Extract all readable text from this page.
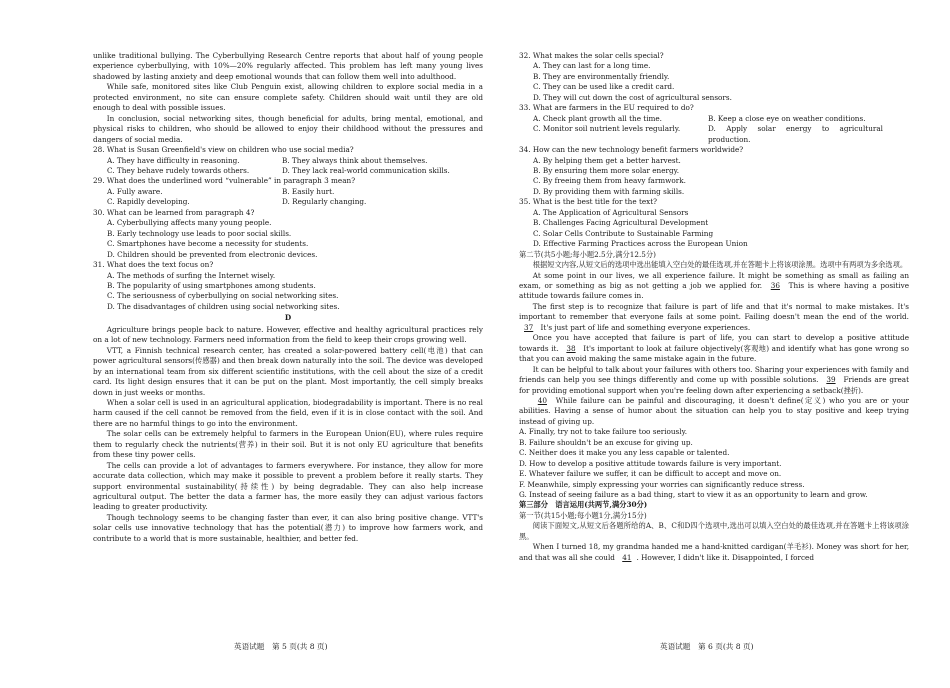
unlike traditional bullying. The Cyberbullying Research Centre reports that about half of young people experience cyberbullying, with 10%—20% regularly affected. This problem has left many young lives shadowed by lasting anxiety and deep emotional wounds that can follow them well into adulthood.

While safe, monitored sites like Club Penguin exist, allowing children to explore social media in a protected environment, no site can ensure complete safety. Children should wait until they are old enough to deal with possible issues.

In conclusion, social networking sites, though beneficial for adults, bring mental, emotional, and physical risks to children, who should be allowed to enjoy their childhood without the pressures and dangers of social media.

28. What is Susan Greenfield's view on children who use social media?

A. They have difficulty in reasoning.	B. They always think about themselves.
C. They behave rudely towards others.	D. They lack real-world communication skills.

29. What does the underlined word “vulnerable” in paragraph 3 mean?

A. Fully aware.	B. Easily hurt.
C. Rapidly developing.	D. Regularly changing.

30. What can be learned from paragraph 4?

A. Cyberbullying affects many young people.

B. Early technology use leads to poor social skills.

C. Smartphones have become a necessity for students.

D. Children should be prevented from electronic devices.

31. What does the text focus on?

A. The methods of surfing the Internet wisely.

B. The popularity of using smartphones among students.

C. The seriousness of cyberbullying on social networking sites.

D. The disadvantages of children using social networking sites.

D

Agriculture brings people back to nature. However, effective and healthy agricultural practices rely on a lot of new technology. Farmers need information from the field to keep their crops growing well.

VTT, a Finnish technical research center, has created a solar-powered battery cell(电池) that can power agricultural sensors(传感器) and then break down naturally into the soil. The device was developed by an international team from six different scientific institutions, with the cell about the size of a credit card. Its light design ensures that it can be put on the plant. Most importantly, the cell simply breaks down in just weeks or months.

When a solar cell is used in an agricultural application, biodegradability is important. There is no real harm caused if the cell cannot be removed from the field, even if it is in close contact with the soil. And there are no harmful things to go into the environment.

The solar cells can be extremely helpful to farmers in the European Union(EU), where rules require them to regularly check the nutrients(营养) in their soil. But it is not only EU agriculture that benefits from these tiny power cells.

The cells can provide a lot of advantages to farmers everywhere. For instance, they allow for more accurate data collection, which may make it possible to prevent a problem before it really starts. They support environmental sustainability(持续性) by being degradable. They can also help increase agricultural output. The better the data a farmer has, the more easily they can adjust various factors leading to greater productivity.

Though technology seems to be changing faster than ever, it can also bring positive change. VTT's solar cells use innovative technology that has the potential(潜力) to improve how farmers work, and contribute to a world that is more sustainable, healthier, and better fed.

32. What makes the solar cells special?

A. They can last for a long time.

B. They are environmentally friendly.

C. They can be used like a credit card.

D. They will cut down the cost of agricultural sensors.

33. What are farmers in the EU required to do?

A. Check plant growth all the time.	B. Keep a close eye on weather conditions.
C. Monitor soil nutrient levels regularly.	D. Apply solar energy to agricultural production.

34. How can the new technology benefit farmers worldwide?

A. By helping them get a better harvest.

B. By ensuring them more solar energy.

C. By freeing them from heavy farmwork.

D. By providing them with farming skills.

35. What is the best title for the text?

A. The Application of Agricultural Sensors

B. Challenges Facing Agricultural Development

C. Solar Cells Contribute to Sustainable Farming

D. Effective Farming Practices across the European Union

第二节(共5小题;每小题2.5分,满分12.5分)

根据短文内容,从短文后的选项中选出能填入空白处的最佳选项,并在答题卡上将该项涂黑。选项中有两项为多余选项。

At some point in our lives, we all experience failure. It might be something as small as failing an exam, or something as big as not getting a job we applied for. 36 This is where having a positive attitude towards failure comes in.

The first step is to recognize that failure is part of life and that it's normal to make mistakes. It's important to remember that everyone fails at some point. Failing doesn't mean the end of the world. 37 It's just part of life and something everyone experiences.

Once you have accepted that failure is part of life, you can start to develop a positive attitude towards it. 38 It's important to look at failure objectively(客观地) and identify what has gone wrong so that you can avoid making the same mistake again in the future.

It can be helpful to talk about your failures with others too. Sharing your experiences with family and friends can help you see things differently and come up with possible solutions. 39 Friends are great for providing emotional support when you're feeling down after experiencing a setback(挫折).

40 While failure can be painful and discouraging, it doesn't define(定义) who you are or your abilities. Having a sense of humor about the situation can help you to stay positive and keep trying instead of giving up.

A. Finally, try not to take failure too seriously.

B. Failure shouldn't be an excuse for giving up.

C. Neither does it make you any less capable or talented.

D. How to develop a positive attitude towards failure is very important.

E. Whatever failure we suffer, it can be difficult to accept and move on.

F. Meanwhile, simply expressing your worries can significantly reduce stress.

G. Instead of seeing failure as a bad thing, start to view it as an opportunity to learn and grow.

第三部分　语言运用(共两节,满分30分)

第一节(共15小题;每小题1分,满分15分)

阅读下面短文,从短文后各题所给的A、B、C和D四个选项中,选出可以填入空白处的最佳选项,并在答题卡上将该项涂黑。

When I turned 18, my grandma handed me a hand-knitted cardigan(羊毛衫). Money was short for her, and that was all she could 41 . However, I didn't like it. Disappointed, I forced

英语试题　第 5 页(共 8 页)	英语试题　第 6 页(共 8 页)
